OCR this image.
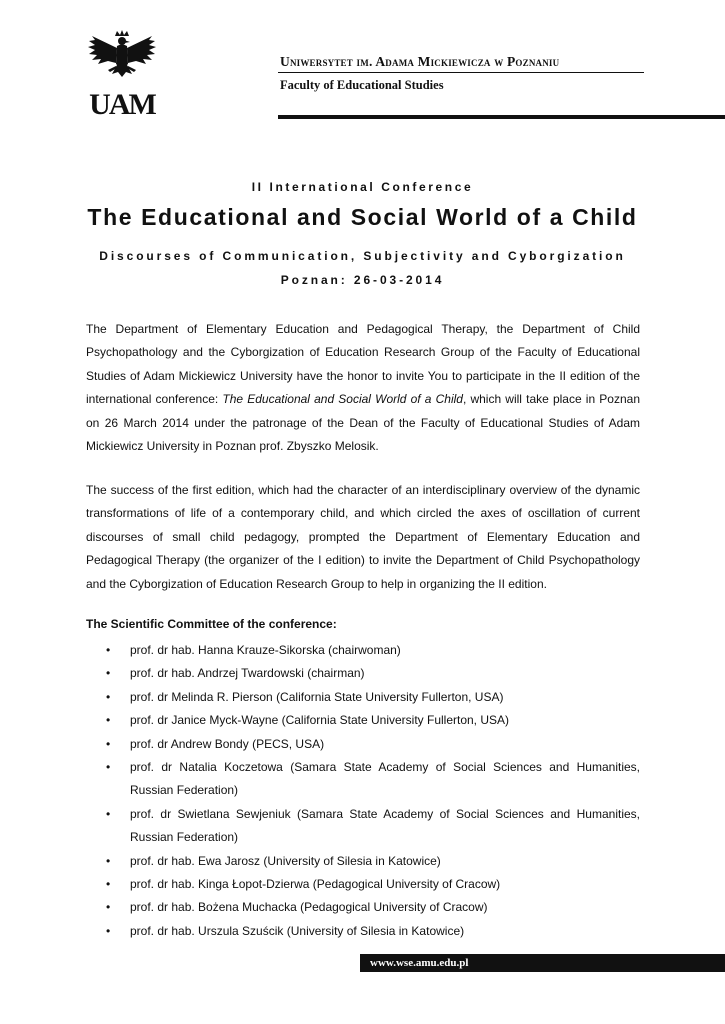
UAM
Uniwersytet im. Adama Mickiewicza w Poznaniu
Faculty of Educational Studies
II International Conference
The Educational and Social World of a Child
Discourses of Communication, Subjectivity and Cyborgization
Poznan: 26-03-2014
The Department of Elementary Education and Pedagogical Therapy, the Department of Child Psychopathology and the Cyborgization of Education Research Group of the Faculty of Educational Studies of Adam Mickiewicz University have the honor to invite You to participate in the II edition of the international conference: The Educational and Social World of a Child, which will take place in Poznan on 26 March 2014 under the patronage of the Dean of the Faculty of Educational Studies of Adam Mickiewicz University in Poznan prof. Zbyszko Melosik.
The success of the first edition, which had the character of an interdisciplinary overview of the dynamic transformations of life of a contemporary child, and which circled the axes of oscillation of current discourses of small child pedagogy, prompted the Department of Elementary Education and Pedagogical Therapy (the organizer of the I edition) to invite the Department of Child Psychopathology and the Cyborgization of Education Research Group to help in organizing the II edition.
The Scientific Committee of the conference:
• prof. dr hab. Hanna Krauze-Sikorska (chairwoman)
• prof. dr hab. Andrzej Twardowski (chairman)
• prof. dr Melinda R. Pierson (California State University Fullerton, USA)
• prof. dr Janice Myck-Wayne (California State University Fullerton, USA)
• prof. dr Andrew Bondy (PECS, USA)
• prof. dr Natalia Koczetowa (Samara State Academy of Social Sciences and Humanities, Russian Federation)
• prof. dr Swietlana Sewjeniuk (Samara State Academy of Social Sciences and Humanities, Russian Federation)
• prof. dr hab. Ewa Jarosz (University of Silesia in Katowice)
• prof. dr hab. Kinga Łopot-Dzierwa (Pedagogical University of Cracow)
• prof. dr hab. Bożena Muchacka (Pedagogical University of Cracow)
• prof. dr hab. Urszula Szuścik (University of Silesia in Katowice)
www.wse.amu.edu.pl
